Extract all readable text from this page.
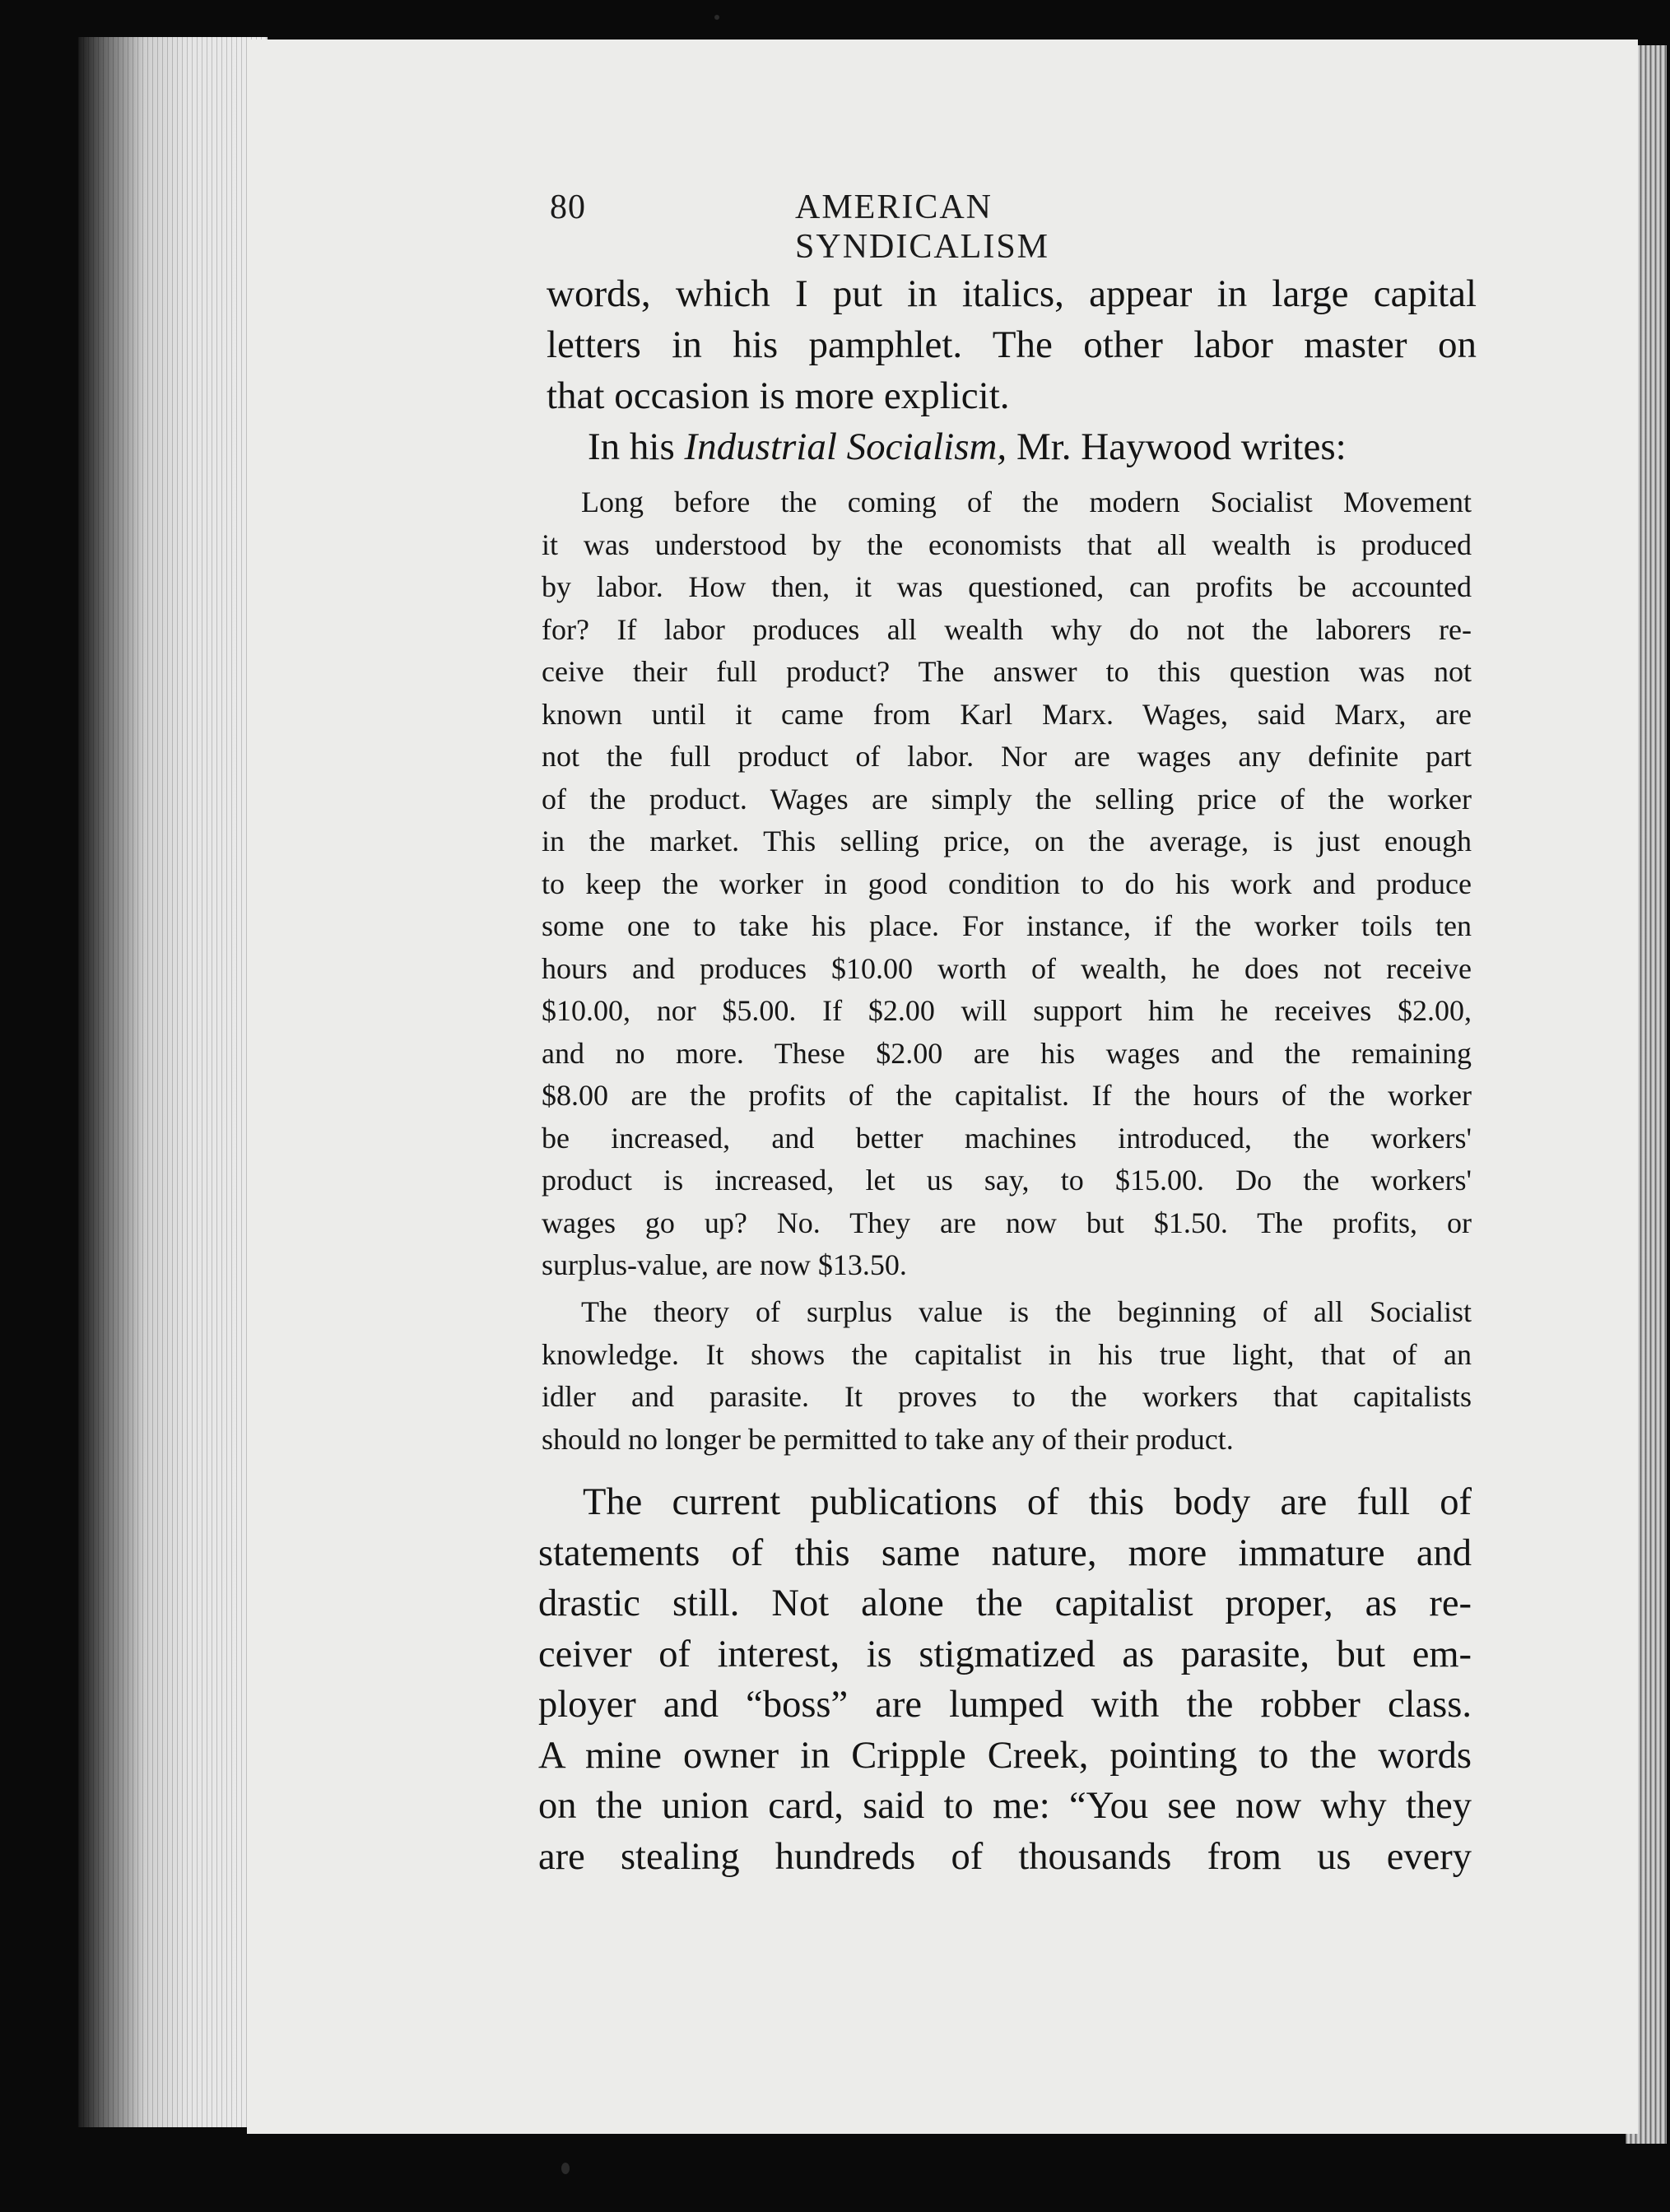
80	AMERICAN SYNDICALISM
words, which I put in italics, appear in large capital
letters in his pamphlet. The other labor master on
that occasion is more explicit.
In his Industrial Socialism, Mr. Haywood writes:
Long before the coming of the modern Socialist Movement
it was understood by the economists that all wealth is produced
by labor. How then, it was questioned, can profits be accounted
for? If labor produces all wealth why do not the laborers re-
ceive their full product? The answer to this question was not
known until it came from Karl Marx. Wages, said Marx, are
not the full product of labor. Nor are wages any definite part
of the product. Wages are simply the selling price of the worker
in the market. This selling price, on the average, is just enough
to keep the worker in good condition to do his work and produce
some one to take his place. For instance, if the worker toils ten
hours and produces $10.00 worth of wealth, he does not receive
$10.00, nor $5.00. If $2.00 will support him he receives $2.00,
and no more. These $2.00 are his wages and the remaining
$8.00 are the profits of the capitalist. If the hours of the worker
be increased, and better machines introduced, the workers'
product is increased, let us say, to $15.00. Do the workers'
wages go up? No. They are now but $1.50. The profits, or
surplus-value, are now $13.50.
The theory of surplus value is the beginning of all Socialist
knowledge. It shows the capitalist in his true light, that of an
idler and parasite. It proves to the workers that capitalists
should no longer be permitted to take any of their product.
The current publications of this body are full of
statements of this same nature, more immature and
drastic still. Not alone the capitalist proper, as re-
ceiver of interest, is stigmatized as parasite, but em-
ployer and “boss” are lumped with the robber class.
A mine owner in Cripple Creek, pointing to the words
on the union card, said to me: “You see now why they
are stealing hundreds of thousands from us every
